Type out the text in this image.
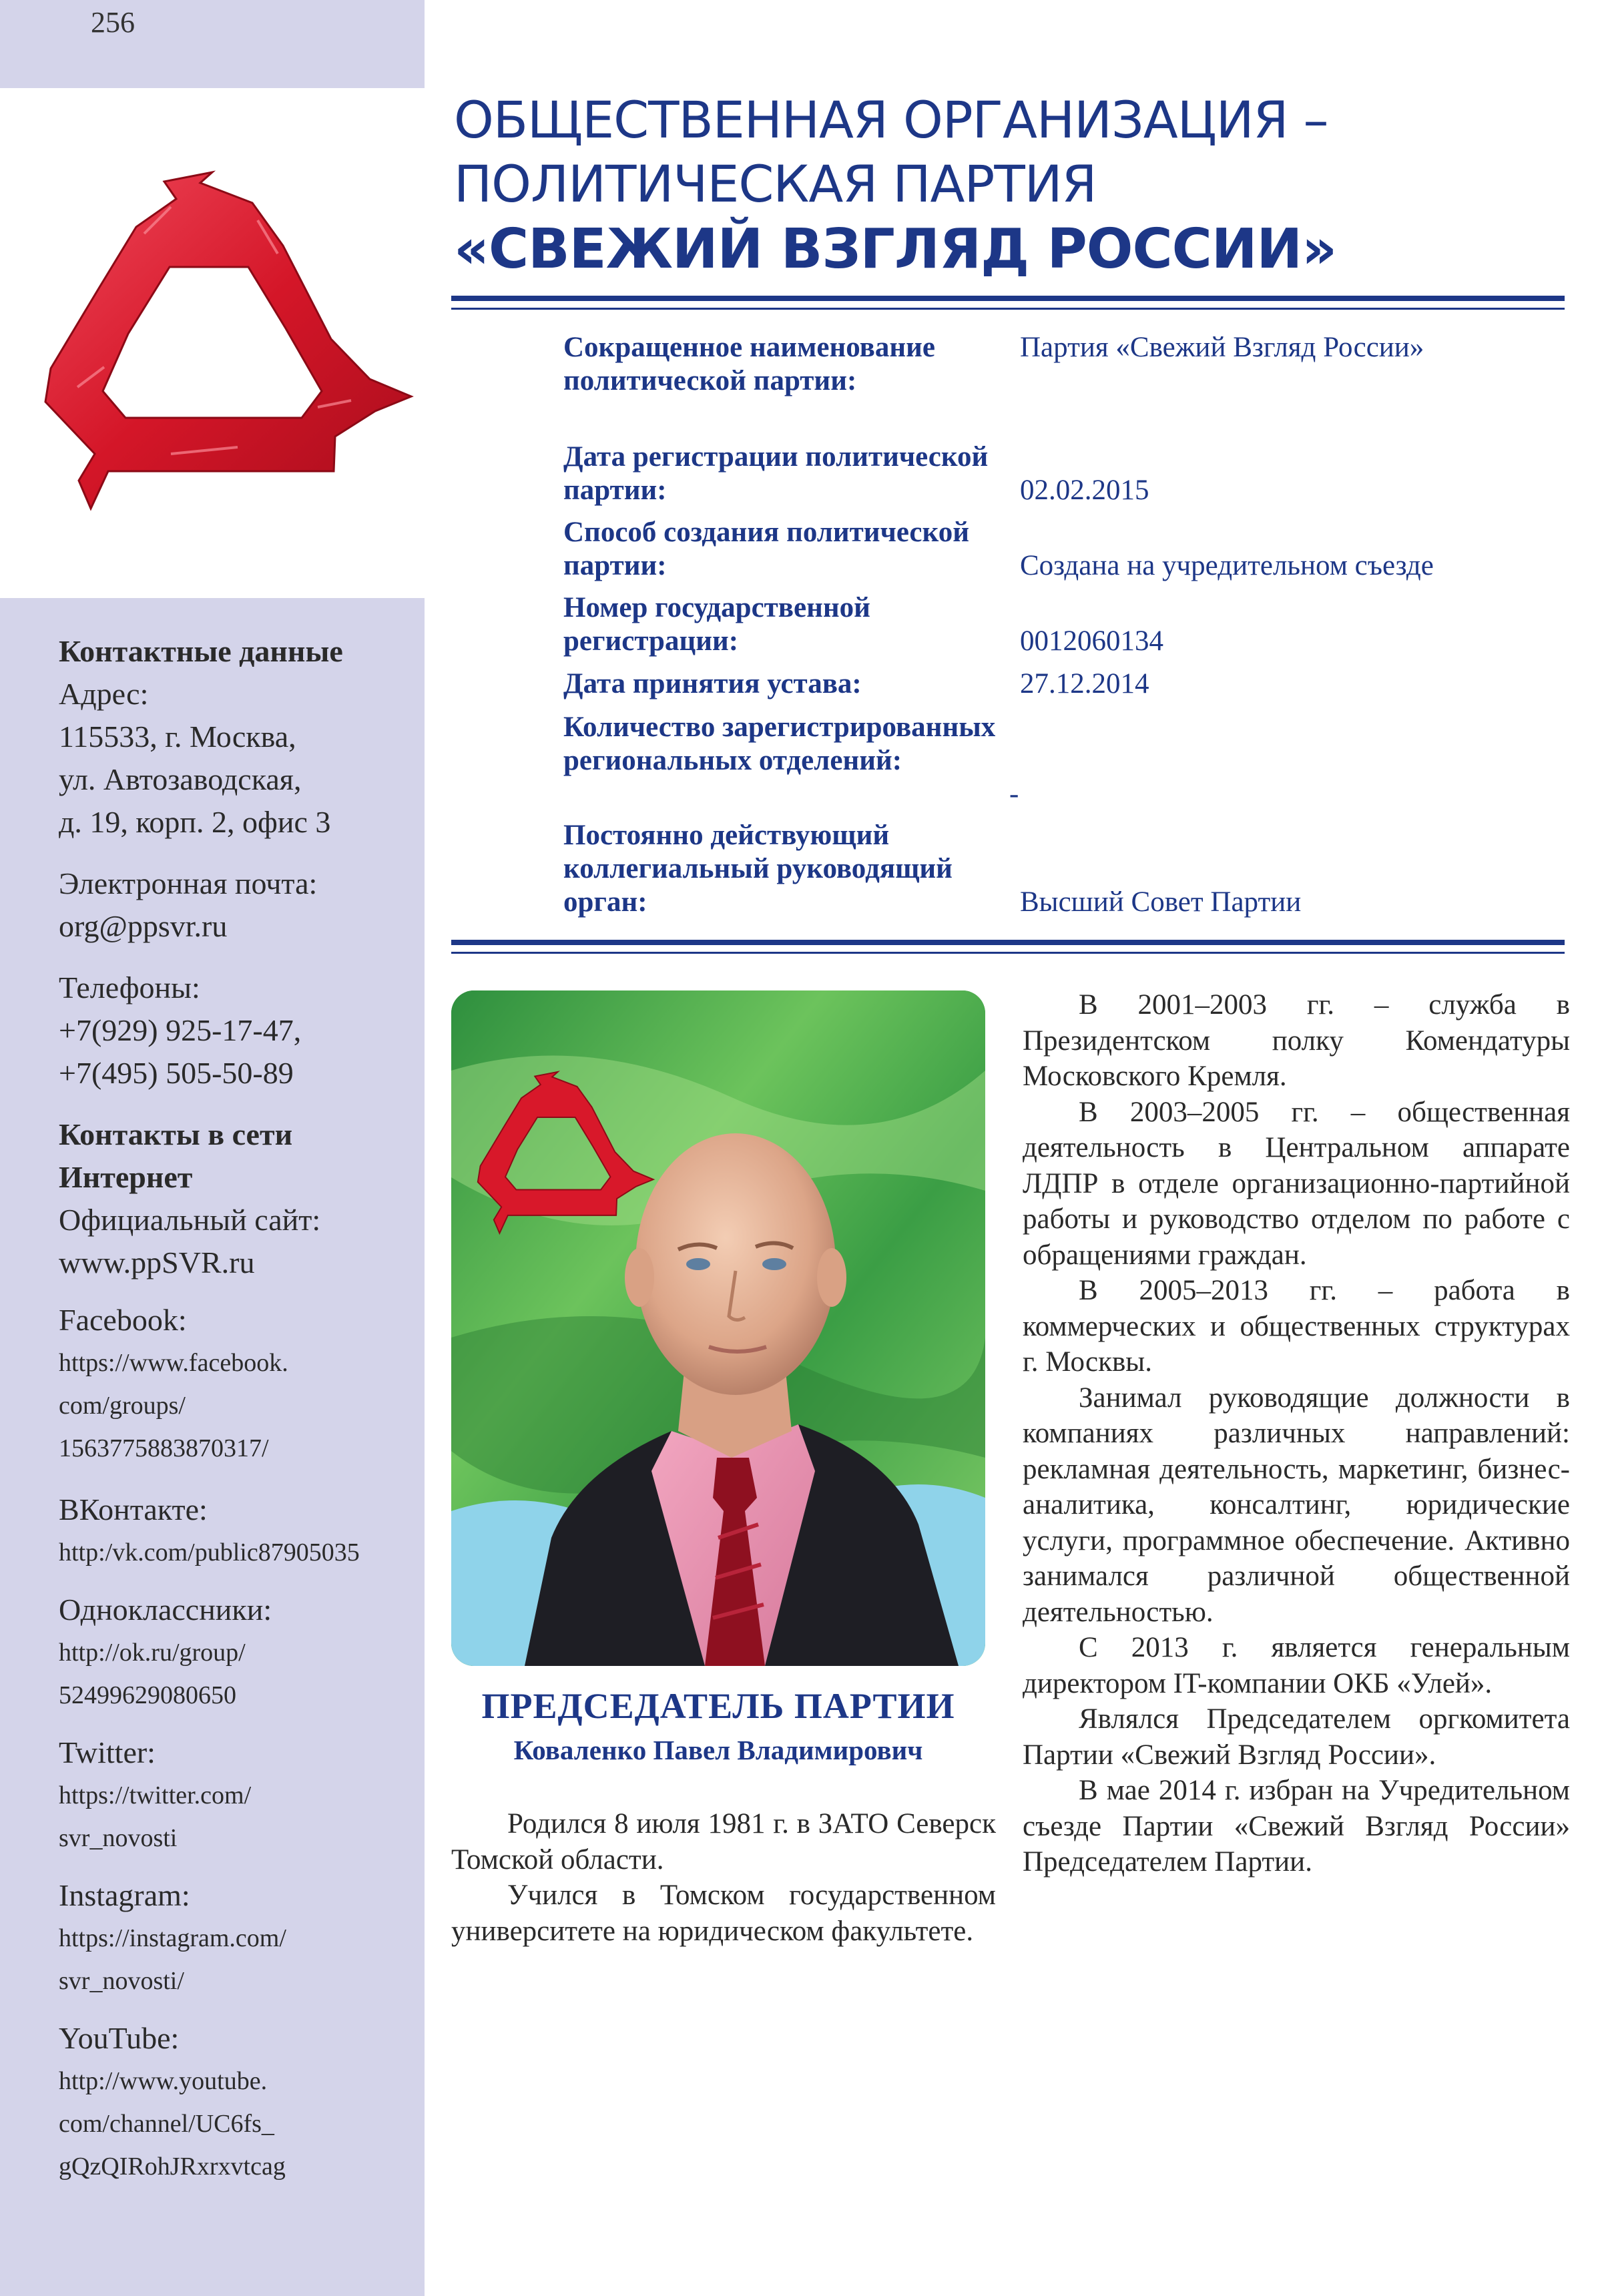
256
Контактные данные
Адрес:
115533, г. Москва,
ул. Автозаводская,
д. 19, корп. 2, офис 3
Электронная почта:
org@ppsvr.ru
Телефоны:
+7(929) 925-17-47,
+7(495) 505-50-89
Контакты в сети
Интернет
Официальный сайт:
www.ppSVR.ru
Facebook:
https://www.facebook.
com/groups/
1563775883870317/
ВКонтакте:
http:/vk.com/public87905035
Одноклассники:
http://ok.ru/group/
52499629080650
Twitter:
https://twitter.com/
svr_novosti
Instagram:
https://instagram.com/
svr_novosti/
YouTube:
http://www.youtube.
com/channel/UC6fs_
gQzQIRohJRxrxvtcag
ОБЩЕСТВЕННАЯ ОРГАНИЗАЦИЯ –
ПОЛИТИЧЕСКАЯ ПАРТИЯ
«СВЕЖИЙ ВЗГЛЯД РОССИИ»
Сокращенное наименование политической партии:
Партия «Свежий Взгляд России»
Дата регистрации политической партии:	02.02.2015
Способ создания политической партии:	Создана на учредительном съезде
Номер государственной регистрации:	0012060134
Дата принятия устава:	27.12.2014
Количество зарегистрированных региональных отделений:
-
Постоянно действующий коллегиальный руководящий орган:	Высший Совет Партии
ПРЕДСЕДАТЕЛЬ ПАРТИИ
Коваленко Павел Владимирович

Родился 8 июля 1981 г. в ЗАТО Северск Томской области.

Учился в Томском государственном университете на юридическом факультете.

В 2001–2003 гг. – служба в Президентском полку Комендатуры Московского Кремля.

В 2003–2005 гг. – общественная деятельность в Центральном аппарате ЛДПР в отделе организационно-партийной работы и руководство отделом по работе с обращениями граждан.

В 2005–2013 гг. – работа в коммерческих и общественных структурах г. Москвы.

Занимал руководящие должности в компаниях различных направлений: рекламная деятельность, маркетинг, бизнес-аналитика, консалтинг, юридические услуги, программное обеспечение. Активно занимался различной общественной деятельностью.

С 2013 г. является генеральным директором IT-компании ОКБ «Улей».

Являлся Председателем оргкомитета Партии «Свежий Взгляд России».

В мае 2014 г. избран на Учредительном съезде Партии «Свежий Взгляд России» Председателем Партии.
